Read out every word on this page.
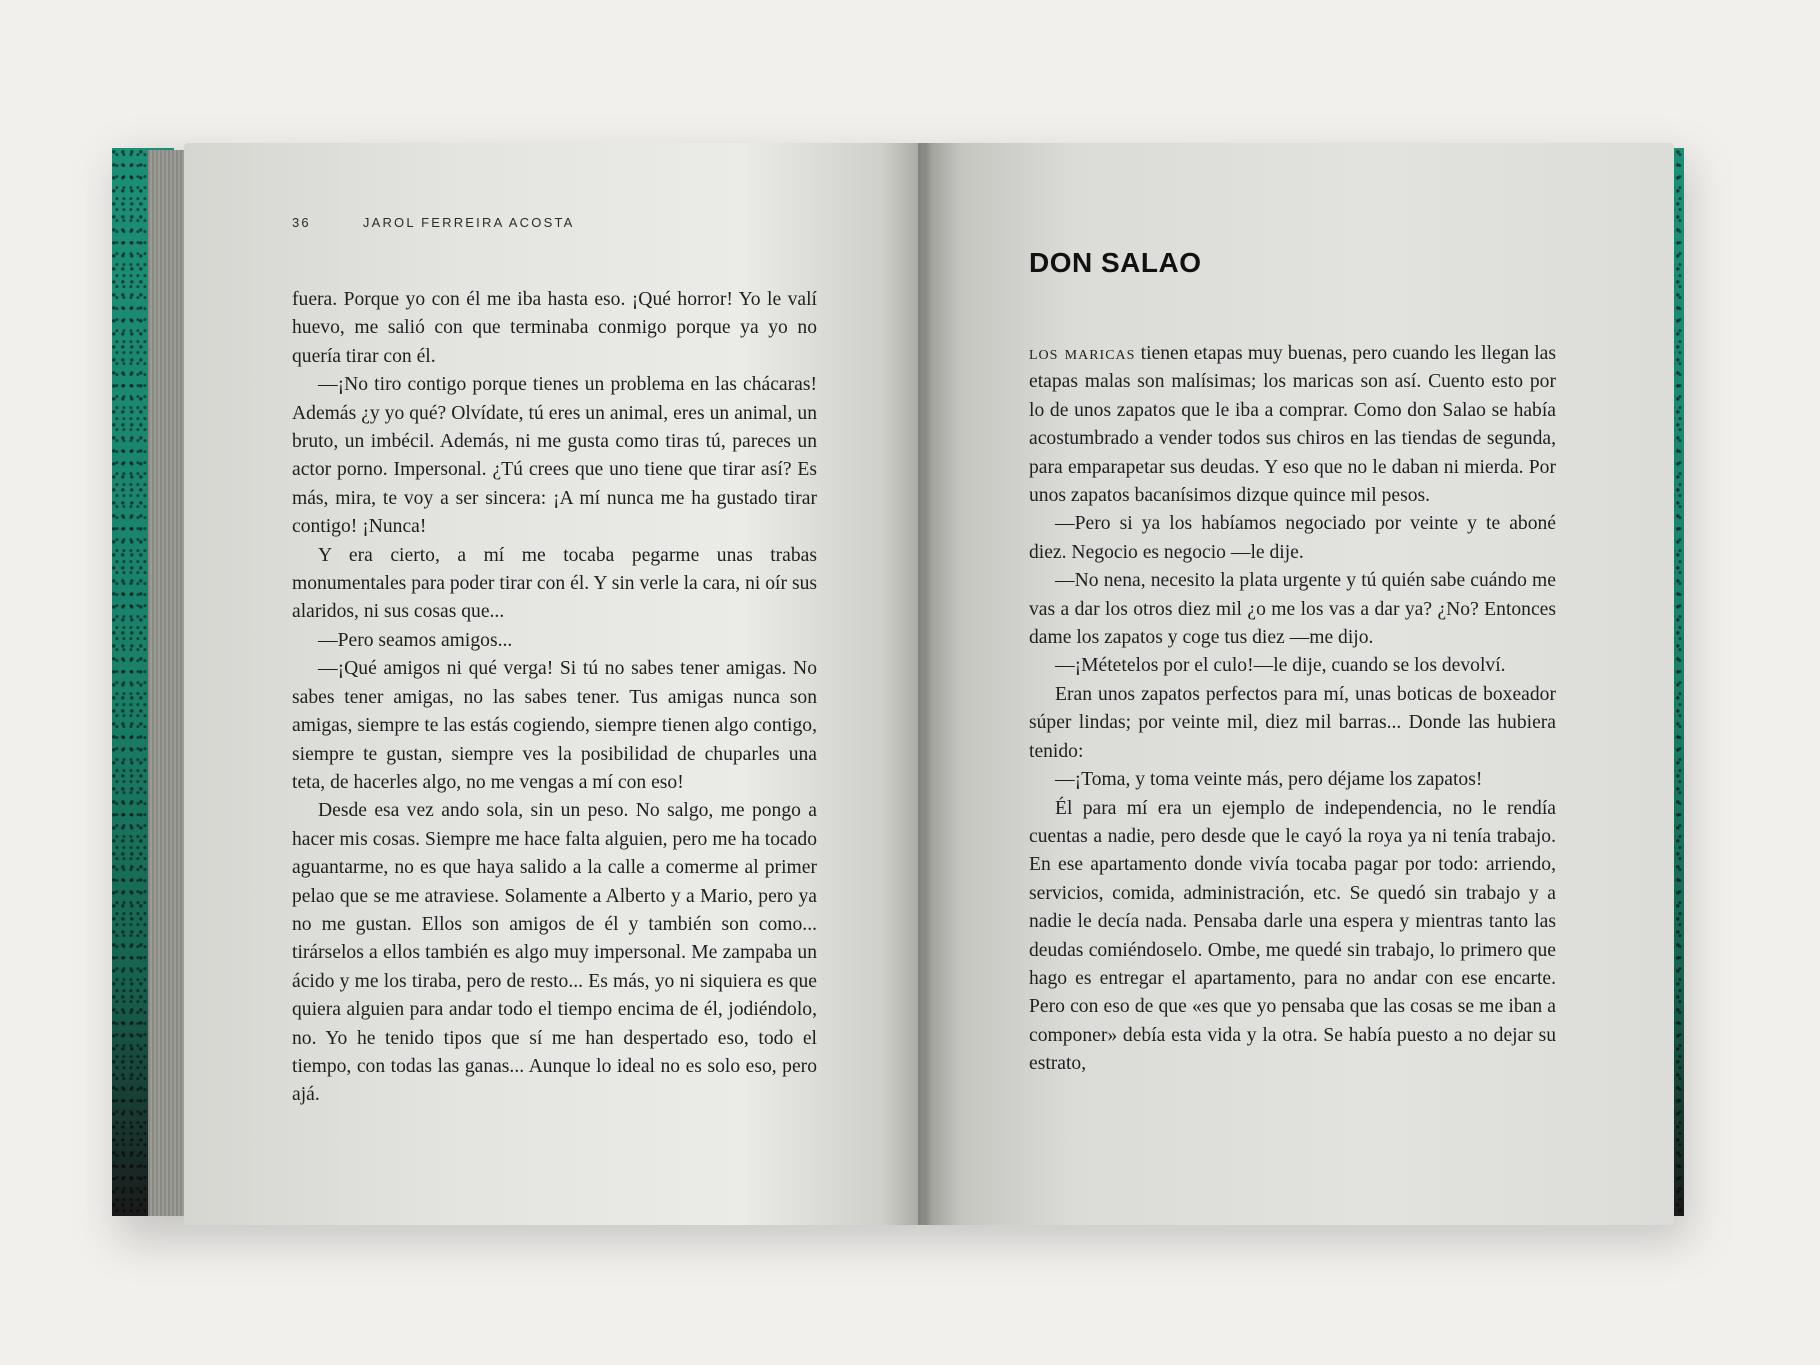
36	JAROL FERREIRA ACOSTA

fuera. Porque yo con él me iba hasta eso. ¡Qué horror! Yo le valí huevo, me salió con que terminaba conmigo porque ya yo no quería tirar con él.

—¡No tiro contigo porque tienes un problema en las chácaras! Además ¿y yo qué? Olvídate, tú eres un animal, eres un animal, un bruto, un imbécil. Además, ni me gusta como tiras tú, pareces un actor porno. Impersonal. ¿Tú crees que uno tiene que tirar así? Es más, mira, te voy a ser sincera: ¡A mí nunca me ha gustado tirar contigo! ¡Nunca!

Y era cierto, a mí me tocaba pegarme unas trabas monumentales para poder tirar con él. Y sin verle la cara, ni oír sus alaridos, ni sus cosas que...

—Pero seamos amigos...

—¡Qué amigos ni qué verga! Si tú no sabes tener amigas. No sabes tener amigas, no las sabes tener. Tus amigas nunca son amigas, siempre te las estás cogiendo, siempre tienen algo contigo, siempre te gustan, siempre ves la posibilidad de chuparles una teta, de hacerles algo, no me vengas a mí con eso!

Desde esa vez ando sola, sin un peso. No salgo, me pongo a hacer mis cosas. Siempre me hace falta alguien, pero me ha tocado aguantarme, no es que haya salido a la calle a comerme al primer pelao que se me atraviese. Solamente a Alberto y a Mario, pero ya no me gustan. Ellos son amigos de él y también son como... tirárselos a ellos también es algo muy impersonal. Me zampaba un ácido y me los tiraba, pero de resto... Es más, yo ni siquiera es que quiera alguien para andar todo el tiempo encima de él, jodiéndolo, no. Yo he tenido tipos que sí me han despertado eso, todo el tiempo, con todas las ganas... Aunque lo ideal no es solo eso, pero ajá.

DON SALAO

los maricas tienen etapas muy buenas, pero cuando les llegan las etapas malas son malísimas; los maricas son así. Cuento esto por lo de unos zapatos que le iba a comprar. Como don Salao se había acostumbrado a vender todos sus chiros en las tiendas de segunda, para emparapetar sus deudas. Y eso que no le daban ni mierda. Por unos zapatos bacanísimos dizque quince mil pesos.

—Pero si ya los habíamos negociado por veinte y te aboné diez. Negocio es negocio —le dije.

—No nena, necesito la plata urgente y tú quién sabe cuándo me vas a dar los otros diez mil ¿o me los vas a dar ya? ¿No? Entonces dame los zapatos y coge tus diez —me dijo.

—¡Métetelos por el culo!—le dije, cuando se los devolví.

Eran unos zapatos perfectos para mí, unas boticas de boxeador súper lindas; por veinte mil, diez mil barras... Donde las hubiera tenido:

—¡Toma, y toma veinte más, pero déjame los zapatos!

Él para mí era un ejemplo de independencia, no le rendía cuentas a nadie, pero desde que le cayó la roya ya ni tenía trabajo. En ese apartamento donde vivía tocaba pagar por todo: arriendo, servicios, comida, administración, etc. Se quedó sin trabajo y a nadie le decía nada. Pensaba darle una espera y mientras tanto las deudas comiéndoselo. Ombe, me quedé sin trabajo, lo primero que hago es entregar el apartamento, para no andar con ese encarte. Pero con eso de que «es que yo pensaba que las cosas se me iban a componer» debía esta vida y la otra. Se había puesto a no dejar su estrato,
